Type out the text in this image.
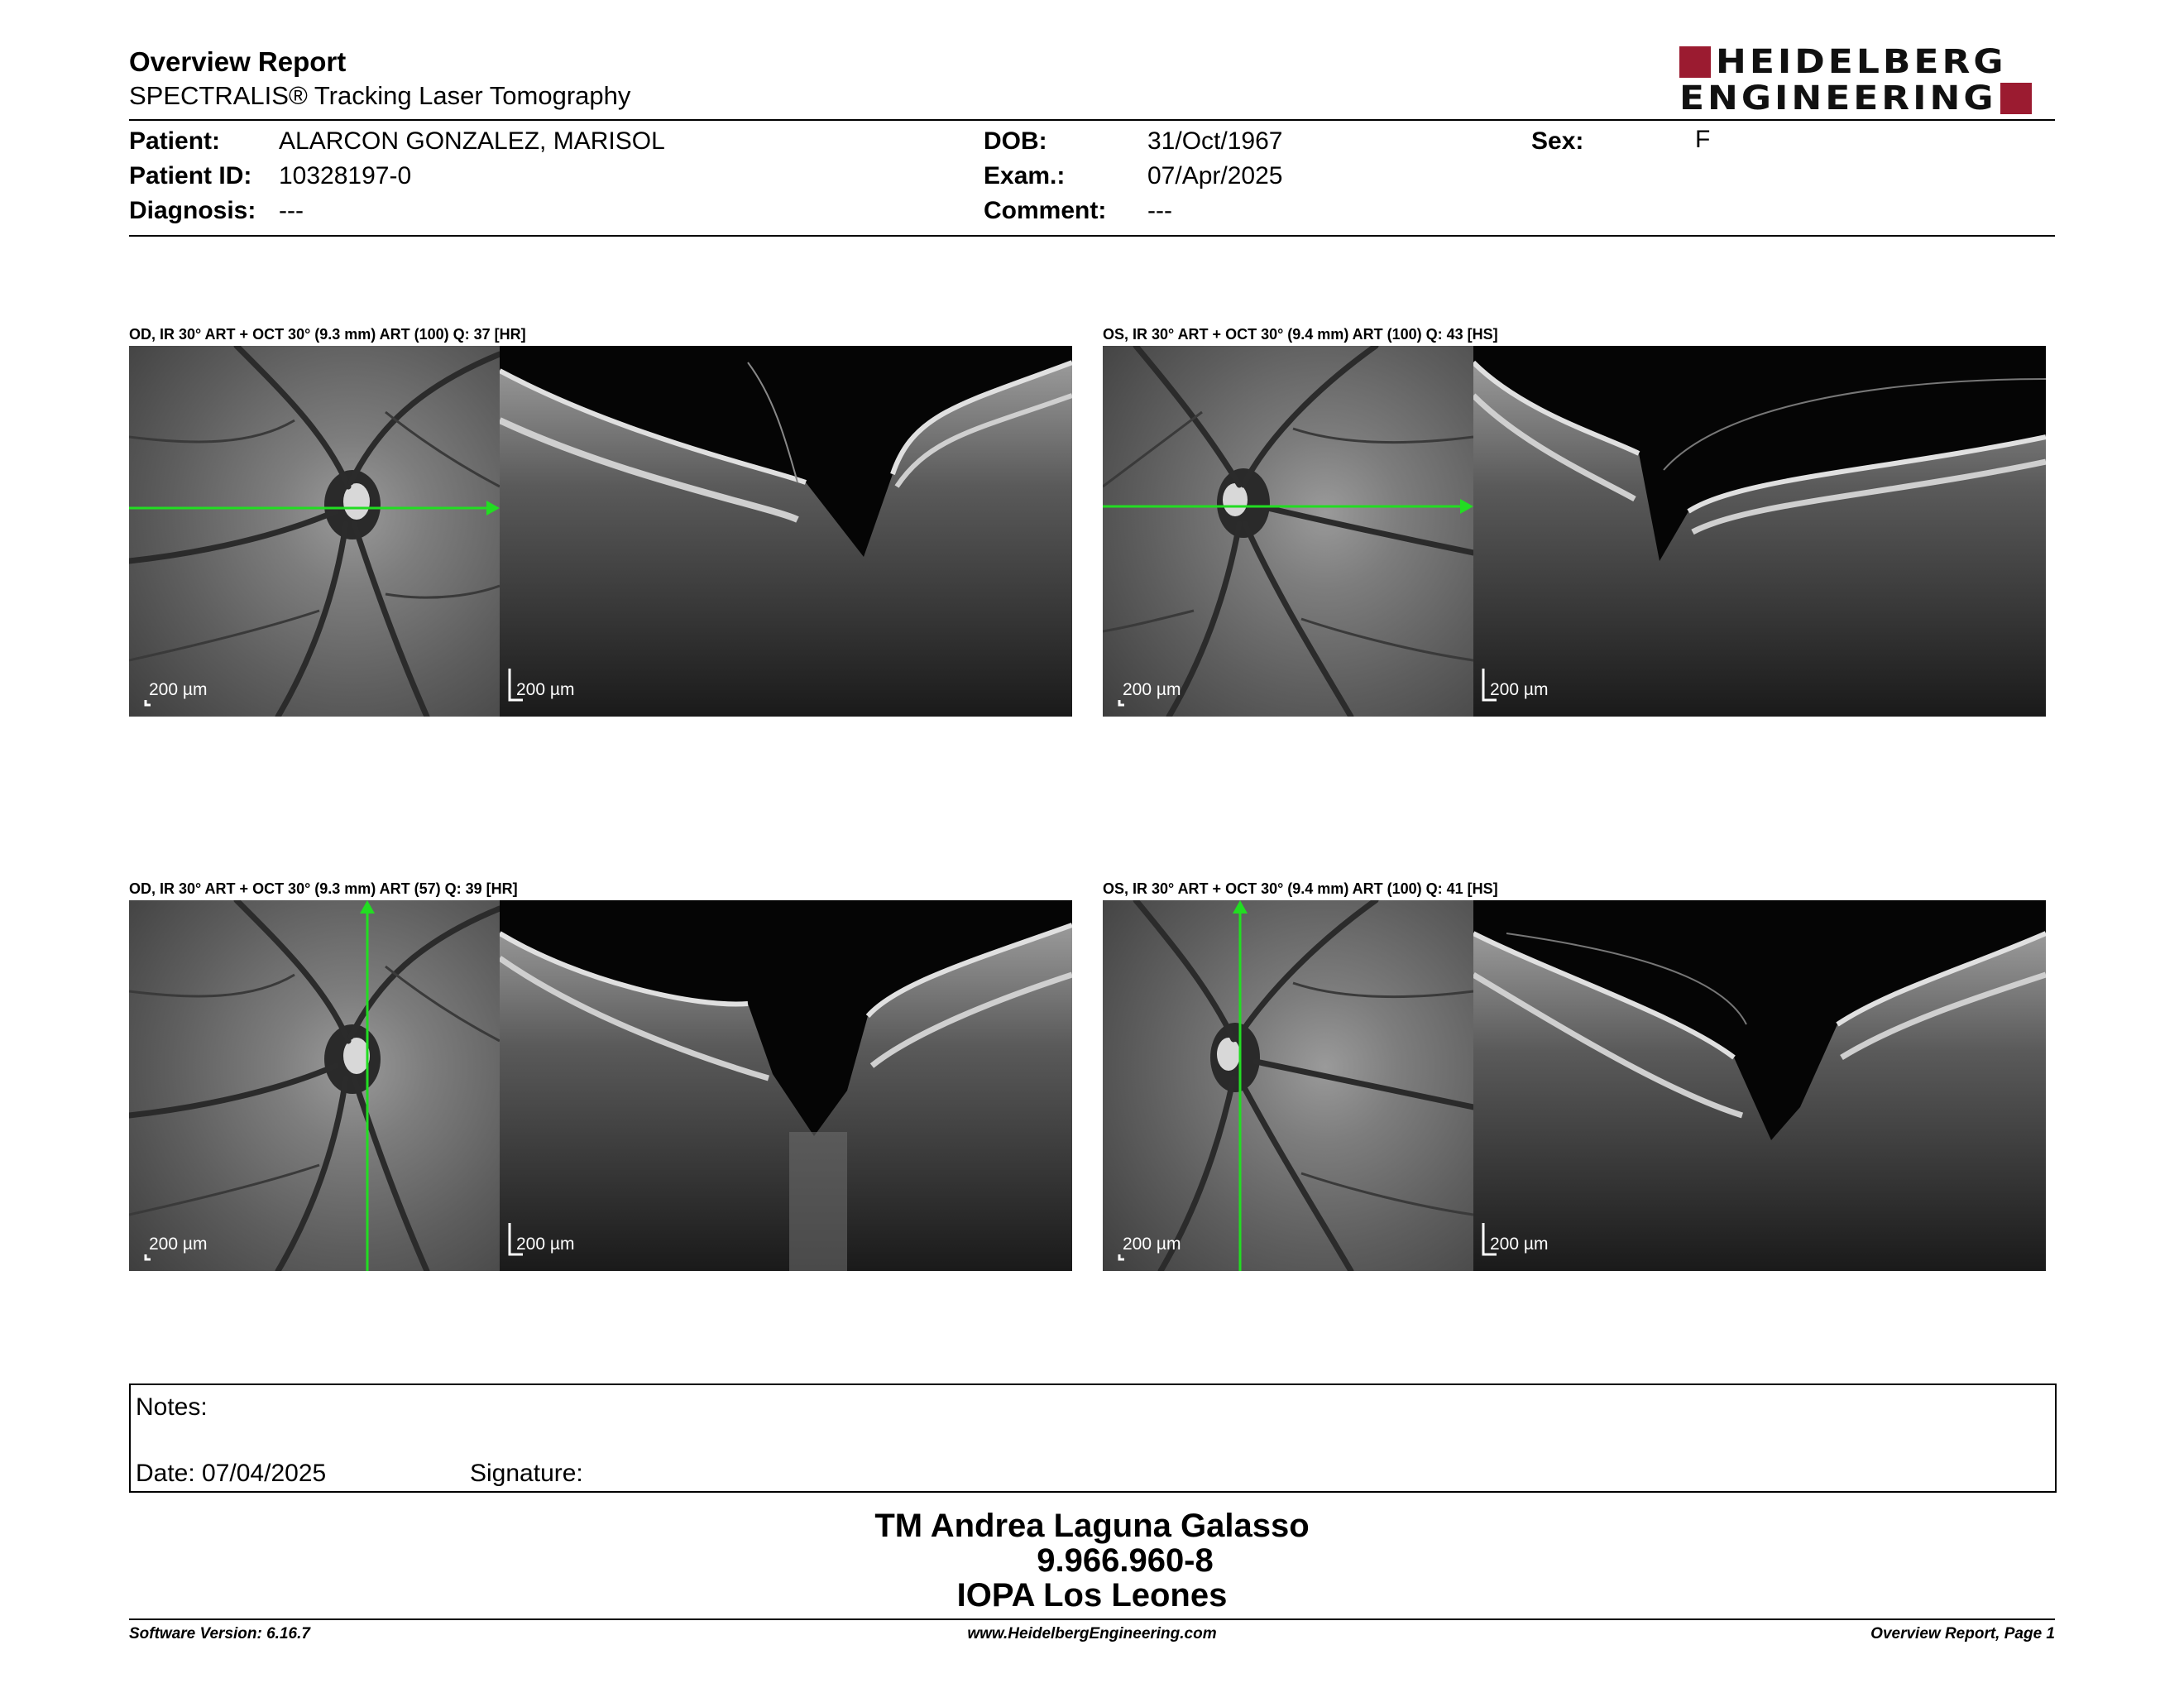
Overview Report
SPECTRALIS® Tracking Laser Tomography
HEIDELBERG
ENGINEERING
Patient: ALARCON GONZALEZ, MARISOL	DOB:	31/Oct/1967	Sex:	F
Patient ID: 10328197-0	Exam.:	07/Apr/2025
Diagnosis: ---	Comment: ---
OD, IR 30° ART + OCT 30° (9.3 mm) ART (100) Q: 37 [HR]
200 µm	200 µm
OS, IR 30° ART + OCT 30° (9.4 mm) ART (100) Q: 43 [HS]
200 µm	200 µm
OD, IR 30° ART + OCT 30° (9.3 mm) ART (57) Q: 39 [HR]
200 µm	200 µm
OS, IR 30° ART + OCT 30° (9.4 mm) ART (100) Q: 41 [HS]
200 µm	200 µm
Notes:
Date: 07/04/2025	Signature:
TM Andrea Laguna Galasso
9.966.960-8
IOPA Los Leones
Software Version: 6.16.7	www.HeidelbergEngineering.com	Overview Report, Page 1
